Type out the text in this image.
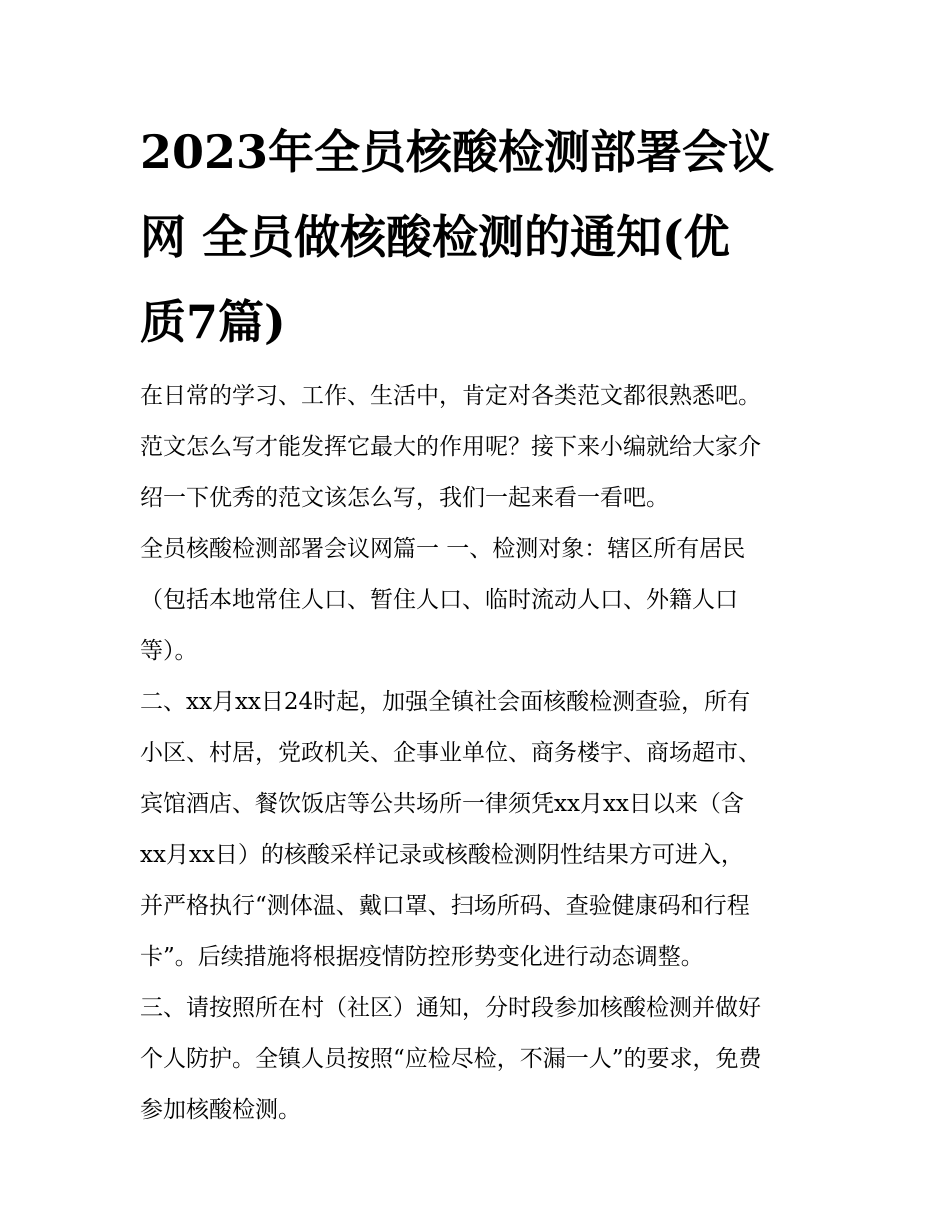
2023年全员核酸检测部署会议
网 全员做核酸检测的通知(优
质7篇)

在日常的学习、工作、生活中，肯定对各类范文都很熟悉吧。
范文怎么写才能发挥它最大的作用呢？接下来小编就给大家介
绍一下优秀的范文该怎么写，我们一起来看一看吧。

全员核酸检测部署会议网篇一 一、检测对象：辖区所有居民
（包括本地常住人口、暂住人口、临时流动人口、外籍人口
等）。

二、xx月xx日24时起，加强全镇社会面核酸检测查验，所有
小区、村居，党政机关、企事业单位、商务楼宇、商场超市、
宾馆酒店、餐饮饭店等公共场所一律须凭xx月xx日以来（含
xx月xx日）的核酸采样记录或核酸检测阴性结果方可进入，
并严格执行“测体温、戴口罩、扫场所码、查验健康码和行程
卡”。后续措施将根据疫情防控形势变化进行动态调整。

三、请按照所在村（社区）通知，分时段参加核酸检测并做好
个人防护。全镇人员按照“应检尽检，不漏一人”的要求，免费
参加核酸检测。
